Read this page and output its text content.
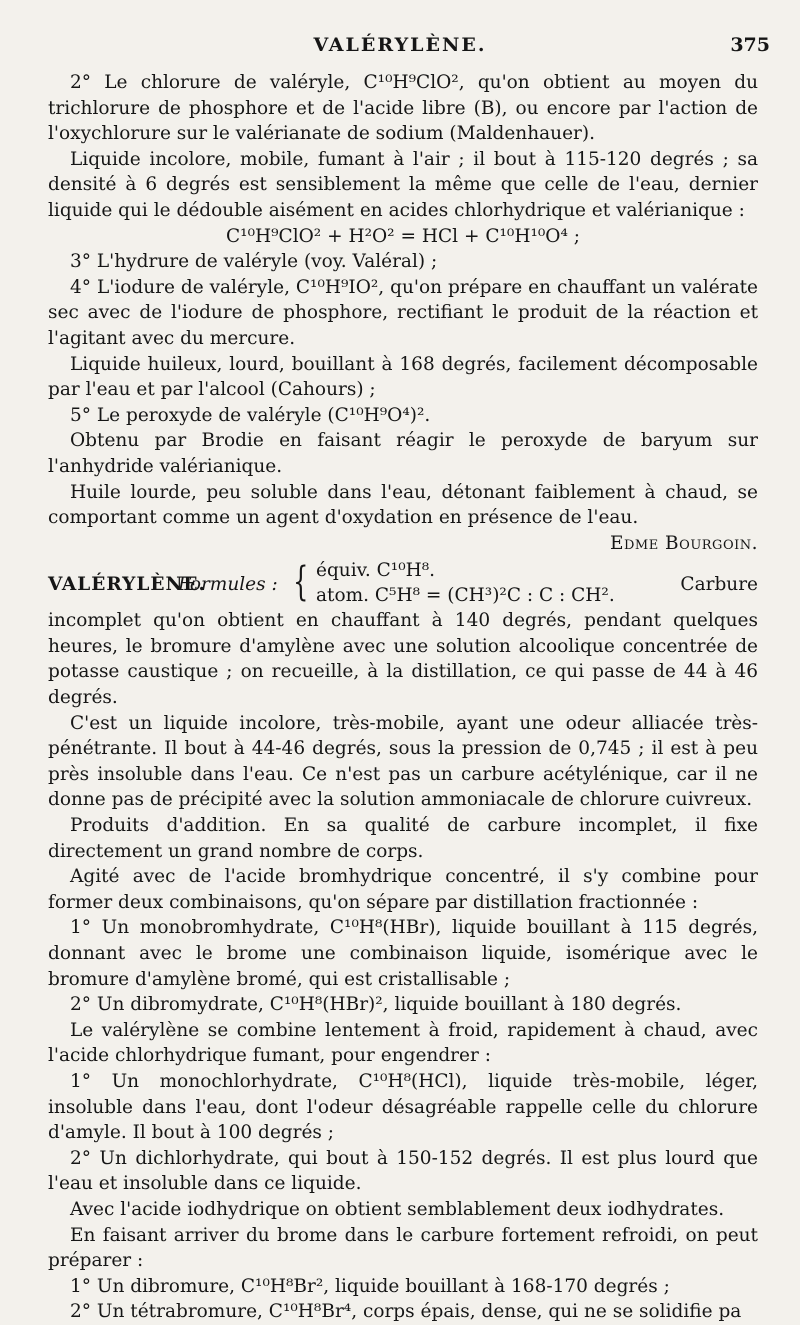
VALÉRYLÈNE.	375

2° Le chlorure de valéryle, C¹⁰H⁹ClO², qu'on obtient au moyen du trichlorure de phosphore et de l'acide libre (B), ou encore par l'action de l'oxychlorure sur le valérianate de sodium (Maldenhauer).

Liquide incolore, mobile, fumant à l'air ; il bout à 115-120 degrés ; sa densité à 6 degrés est sensiblement la même que celle de l'eau, dernier liquide qui le dédouble aisément en acides chlorhydrique et valérianique :

C¹⁰H⁹ClO² + H²O² = HCl + C¹⁰H¹⁰O⁴ ;

3° L'hydrure de valéryle (voy. Valéral) ;

4° L'iodure de valéryle, C¹⁰H⁹IO², qu'on prépare en chauffant un valérate sec avec de l'iodure de phosphore, rectifiant le produit de la réaction et l'agitant avec du mercure.

Liquide huileux, lourd, bouillant à 168 degrés, facilement décomposable par l'eau et par l'alcool (Cahours) ;

5° Le peroxyde de valéryle (C¹⁰H⁹O⁴)².

Obtenu par Brodie en faisant réagir le peroxyde de baryum sur l'anhydride valérianique.

Huile lourde, peu soluble dans l'eau, détonant faiblement à chaud, se comportant comme un agent d'oxydation en présence de l'eau.

Edme Bourgoin.

VALÉRYLÈNE.
Formules : { équiv. C¹⁰H⁸.
atom. C⁵H⁸ = (CH³)²C : C : CH².
Carbure

incomplet qu'on obtient en chauffant à 140 degrés, pendant quelques heures, le bromure d'amylène avec une solution alcoolique concentrée de potasse caustique ; on recueille, à la distillation, ce qui passe de 44 à 46 degrés.

C'est un liquide incolore, très-mobile, ayant une odeur alliacée très-pénétrante. Il bout à 44-46 degrés, sous la pression de 0,745 ; il est à peu près insoluble dans l'eau. Ce n'est pas un carbure acétylénique, car il ne donne pas de précipité avec la solution ammoniacale de chlorure cuivreux.

Produits d'addition. En sa qualité de carbure incomplet, il fixe directement un grand nombre de corps.

Agité avec de l'acide bromhydrique concentré, il s'y combine pour former deux combinaisons, qu'on sépare par distillation fractionnée :

1° Un monobromhydrate, C¹⁰H⁸(HBr), liquide bouillant à 115 degrés, donnant avec le brome une combinaison liquide, isomérique avec le bromure d'amylène bromé, qui est cristallisable ;

2° Un dibromydrate, C¹⁰H⁸(HBr)², liquide bouillant à 180 degrés.

Le valérylène se combine lentement à froid, rapidement à chaud, avec l'acide chlorhydrique fumant, pour engendrer :

1° Un monochlorhydrate, C¹⁰H⁸(HCl), liquide très-mobile, léger, insoluble dans l'eau, dont l'odeur désagréable rappelle celle du chlorure d'amyle. Il bout à 100 degrés ;

2° Un dichlorhydrate, qui bout à 150-152 degrés. Il est plus lourd que l'eau et insoluble dans ce liquide.

Avec l'acide iodhydrique on obtient semblablement deux iodhydrates.

En faisant arriver du brome dans le carbure fortement refroidi, on peut préparer :

1° Un dibromure, C¹⁰H⁸Br², liquide bouillant à 168-170 degrés ;

2° Un tétrabromure, C¹⁰H⁸Br⁴, corps épais, dense, qui ne se solidifie pa
